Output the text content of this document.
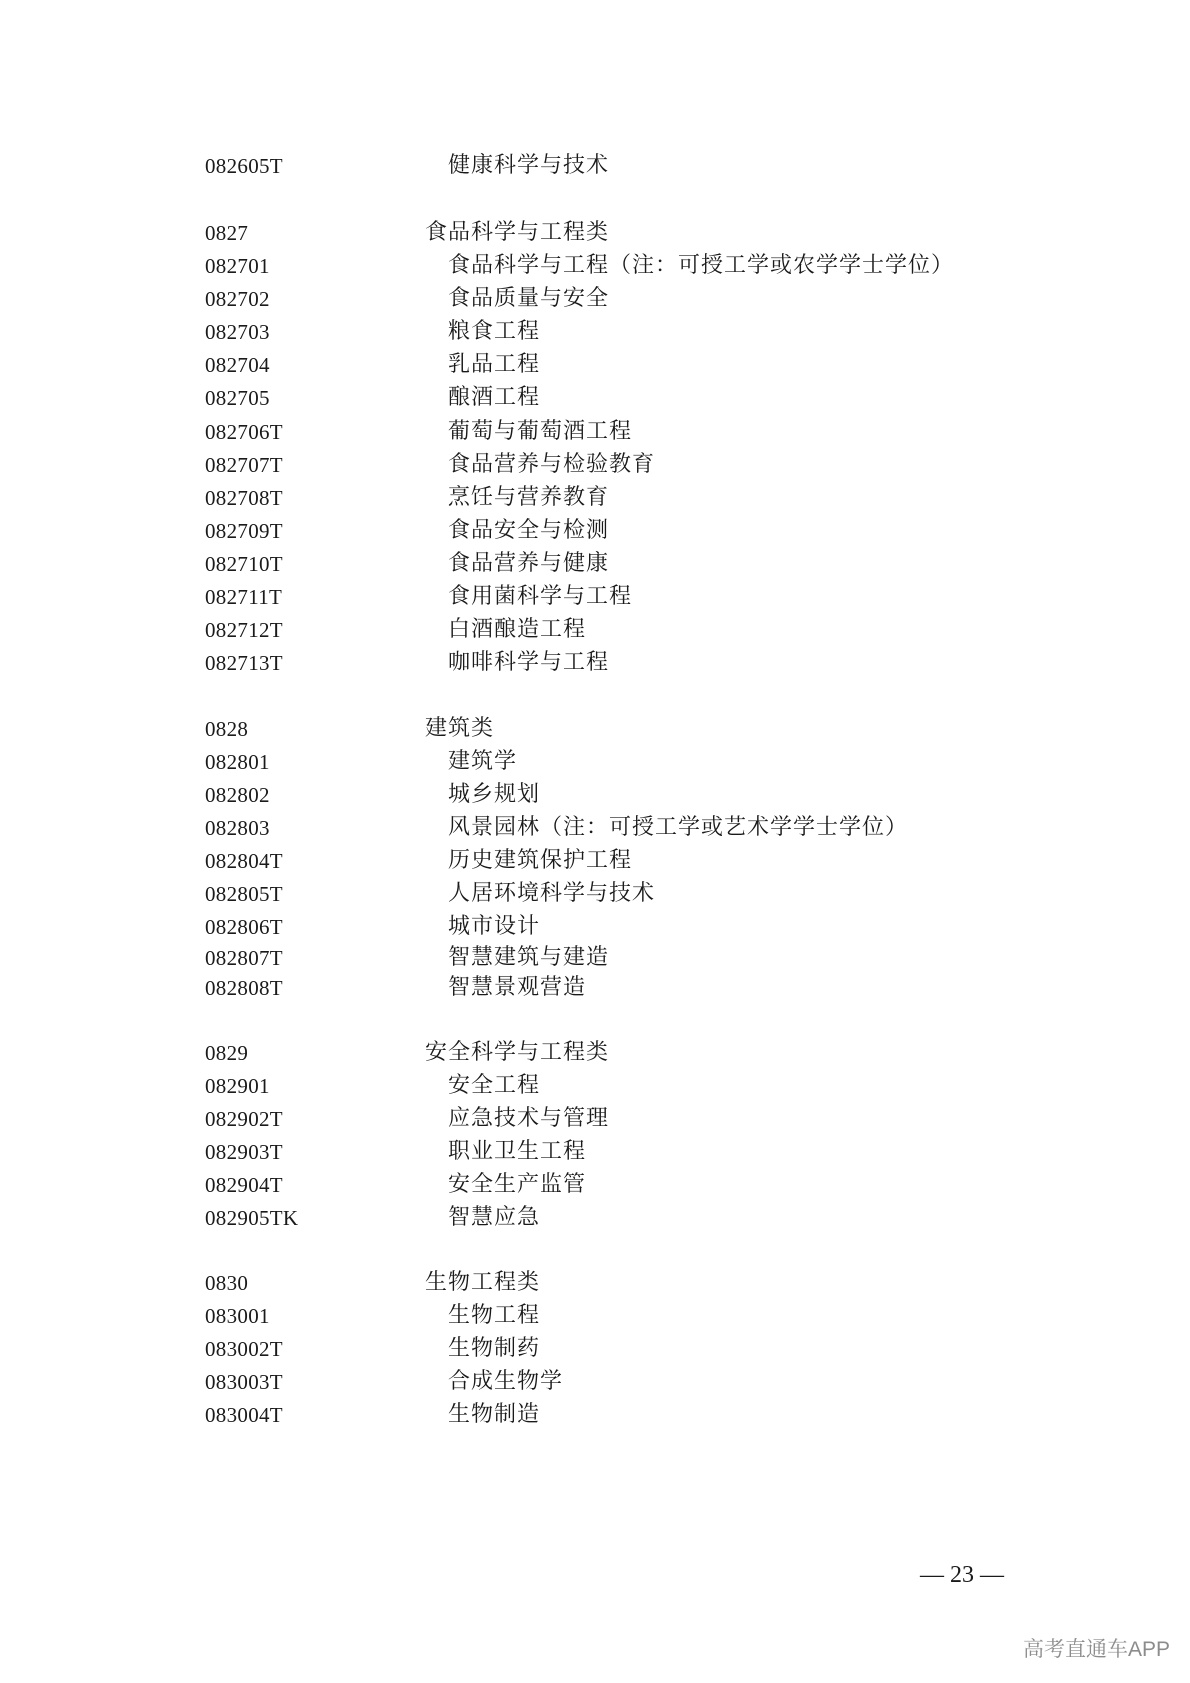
082605T	健康科学与技术
0827	食品科学与工程类
082701	食品科学与工程（注：可授工学或农学学士学位）
082702	食品质量与安全
082703	粮食工程
082704	乳品工程
082705	酿酒工程
082706T	葡萄与葡萄酒工程
082707T	食品营养与检验教育
082708T	烹饪与营养教育
082709T	食品安全与检测
082710T	食品营养与健康
082711T	食用菌科学与工程
082712T	白酒酿造工程
082713T	咖啡科学与工程
0828	建筑类
082801	建筑学
082802	城乡规划
082803	风景园林（注：可授工学或艺术学学士学位）
082804T	历史建筑保护工程
082805T	人居环境科学与技术
082806T	城市设计
082807T	智慧建筑与建造
082808T	智慧景观营造
0829	安全科学与工程类
082901	安全工程
082902T	应急技术与管理
082903T	职业卫生工程
082904T	安全生产监管
082905TK	智慧应急
0830	生物工程类
083001	生物工程
083002T	生物制药
083003T	合成生物学
083004T	生物制造
— 23 —
高考直通车APP
